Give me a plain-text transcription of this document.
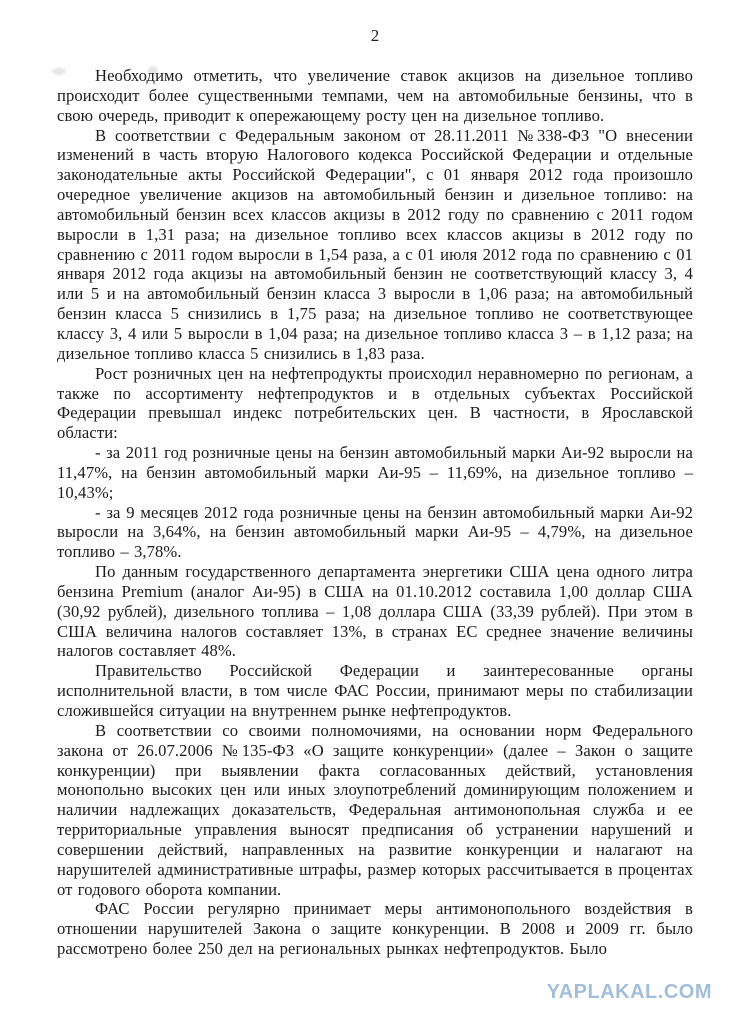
2

Необходимо отметить, что увеличение ставок акцизов на дизельное топливо происходит более существенными темпами, чем на автомобильные бензины, что в свою очередь, приводит к опережающему росту цен на дизельное топливо.

В соответствии с Федеральным законом от 28.11.2011 №338-ФЗ "О внесении изменений в часть вторую Налогового кодекса Российской Федерации и отдельные законодательные акты Российской Федерации", с 01 января 2012 года произошло очередное увеличение акцизов на автомобильный бензин и дизельное топливо: на автомобильный бензин всех классов акцизы в 2012 году по сравнению с 2011 годом выросли в 1,31 раза; на дизельное топливо всех классов акцизы в 2012 году по сравнению с 2011 годом выросли в 1,54 раза, а с 01 июля 2012 года по сравнению с 01 января 2012 года акцизы на автомобильный бензин не соответствующий классу 3, 4 или 5 и на автомобильный бензин класса 3 выросли в 1,06 раза; на автомобильный бензин класса 5 снизились в 1,75 раза; на дизельное топливо не соответствующее классу 3, 4 или 5 выросли в 1,04 раза; на дизельное топливо класса 3 – в 1,12 раза; на дизельное топливо класса 5 снизились в 1,83 раза.

Рост розничных цен на нефтепродукты происходил неравномерно по регионам, а также по ассортименту нефтепродуктов и в отдельных субъектах Российской Федерации превышал индекс потребительских цен. В частности, в Ярославской области:

- за 2011 год розничные цены на бензин автомобильный марки Аи-92 выросли на 11,47%, на бензин автомобильный марки Аи-95 – 11,69%, на дизельное топливо – 10,43%;

- за 9 месяцев 2012 года розничные цены на бензин автомобильный марки Аи-92 выросли на 3,64%, на бензин автомобильный марки Аи-95 – 4,79%, на дизельное топливо – 3,78%.

По данным государственного департамента энергетики США цена одного литра бензина Premium (аналог Аи-95) в США на 01.10.2012 составила 1,00 доллар США (30,92 рублей), дизельного топлива – 1,08 доллара США (33,39 рублей). При этом в США величина налогов составляет 13%, в странах ЕС среднее значение величины налогов составляет 48%.

Правительство Российской Федерации и заинтересованные органы исполнительной власти, в том числе ФАС России, принимают меры по стабилизации сложившейся ситуации на внутреннем рынке нефтепродуктов.

В соответствии со своими полномочиями, на основании норм Федерального закона от 26.07.2006 №135-ФЗ «О защите конкуренции» (далее – Закон о защите конкуренции) при выявлении факта согласованных действий, установления монопольно высоких цен или иных злоупотреблений доминирующим положением и наличии надлежащих доказательств, Федеральная антимонопольная служба и ее территориальные управления выносят предписания об устранении нарушений и совершении действий, направленных на развитие конкуренции и налагают на нарушителей административные штрафы, размер которых рассчитывается в процентах от годового оборота компании.

ФАС России регулярно принимает меры антимонопольного воздействия в отношении нарушителей Закона о защите конкуренции. В 2008 и 2009 гг. было рассмотрено более 250 дел на региональных рынках нефтепродуктов. Было

YAPLAKAL.COM
